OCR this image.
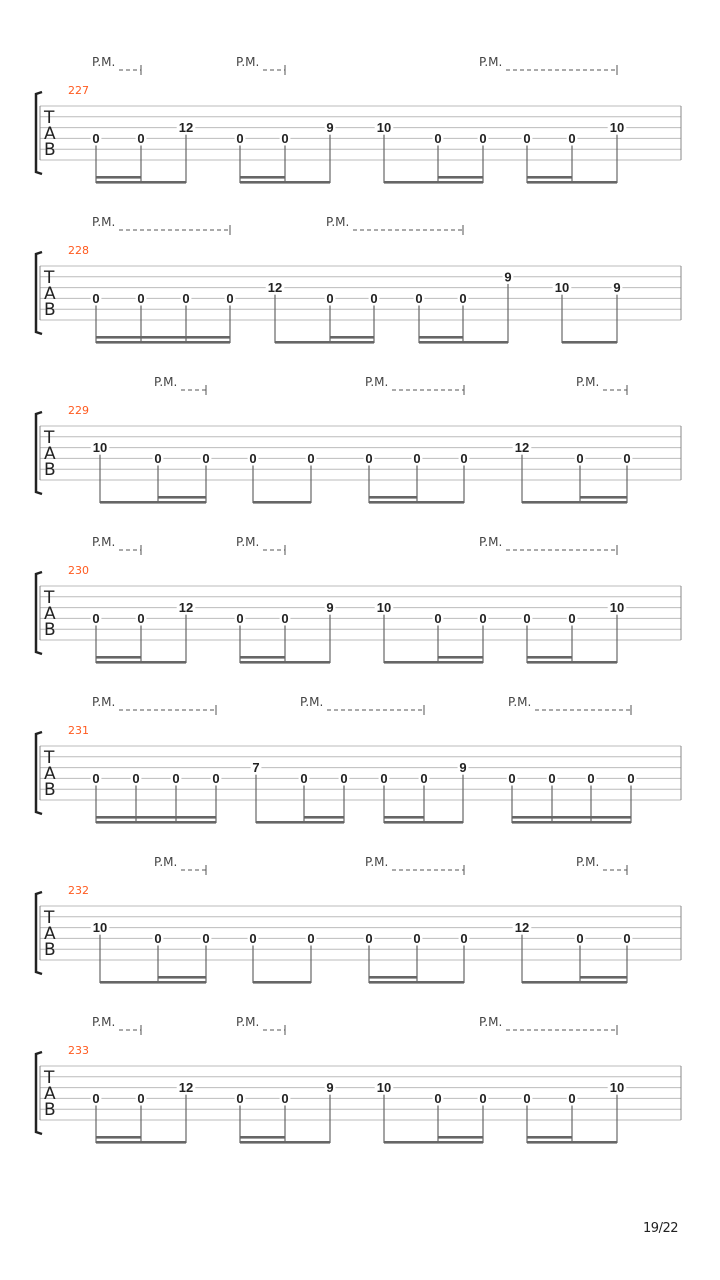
T
A
B
227
0	0
12
0	0
9	10
0	0	0	0
10
P.M.	P.M.	P.M.
T
A
B
228
0	0	0	0
12
0	0	0	0
9
10	9
P.M.	P.M.
T
A
B
229
10
0	0	0	0	0	0	0
12
0	0
P.M.	P.M.	P.M.
T
A
B
230
0	0
12
0	0
9	10
0	0	0	0
10
P.M.	P.M.	P.M.
T
A
B
231
0	0	0	0
7
0	0	0	0
9
0	0 0	0
P.M.	P.M.	P.M.
T
A
B
232
10
0	0	0	0	0	0	0
12
0	0
P.M.	P.M.	P.M.
T
A
B
233
0	0
12
0	0
9	10
0	0	0	0
10
P.M.	P.M.	P.M.
19/22
